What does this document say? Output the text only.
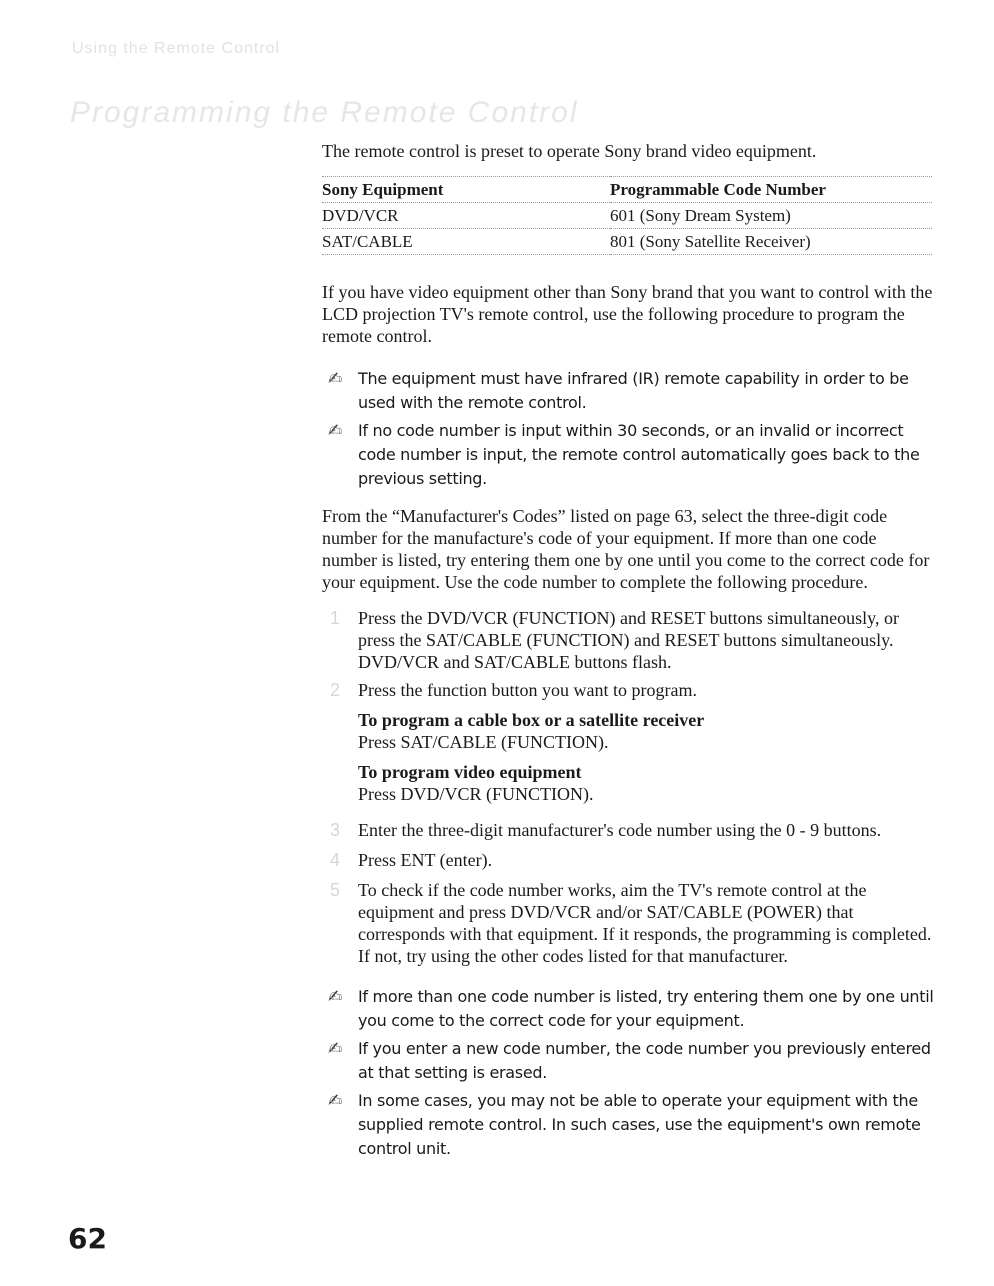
Using the Remote Control
Programming the Remote Control

The remote control is preset to operate Sony brand video equipment.

Sony Equipment	Programmable Code Number
DVD/VCR	601 (Sony Dream System)
SAT/CABLE	801 (Sony Satellite Receiver)

If you have video equipment other than Sony brand that you want to control with the LCD projection TV's remote control, use the following procedure to program the remote control.

✍ The equipment must have infrared (IR) remote capability in order to be used with the remote control.
✍ If no code number is input within 30 seconds, or an invalid or incorrect code number is input, the remote control automatically goes back to the previous setting.

From the “Manufacturer's Codes” listed on page 63, select the three-digit code number for the manufacture's code of your equipment. If more than one code number is listed, try entering them one by one until you come to the correct code for your equipment. Use the code number to complete the following procedure.

1 Press the DVD/VCR (FUNCTION) and RESET buttons simultaneously, or press the SAT/CABLE (FUNCTION) and RESET buttons simultaneously. DVD/VCR and SAT/CABLE buttons flash.
2 Press the function button you want to program.
To program a cable box or a satellite receiver
Press SAT/CABLE (FUNCTION).
To program video equipment
Press DVD/VCR (FUNCTION).
3 Enter the three-digit manufacturer's code number using the 0 - 9 buttons.
4 Press ENT (enter).
5 To check if the code number works, aim the TV's remote control at the equipment and press DVD/VCR and/or SAT/CABLE (POWER) that corresponds with that equipment. If it responds, the programming is completed. If not, try using the other codes listed for that manufacturer.
✍ If more than one code number is listed, try entering them one by one until you come to the correct code for your equipment.
✍ If you enter a new code number, the code number you previously entered at that setting is erased.
✍ In some cases, you may not be able to operate your equipment with the supplied remote control. In such cases, use the equipment's own remote control unit.
62
